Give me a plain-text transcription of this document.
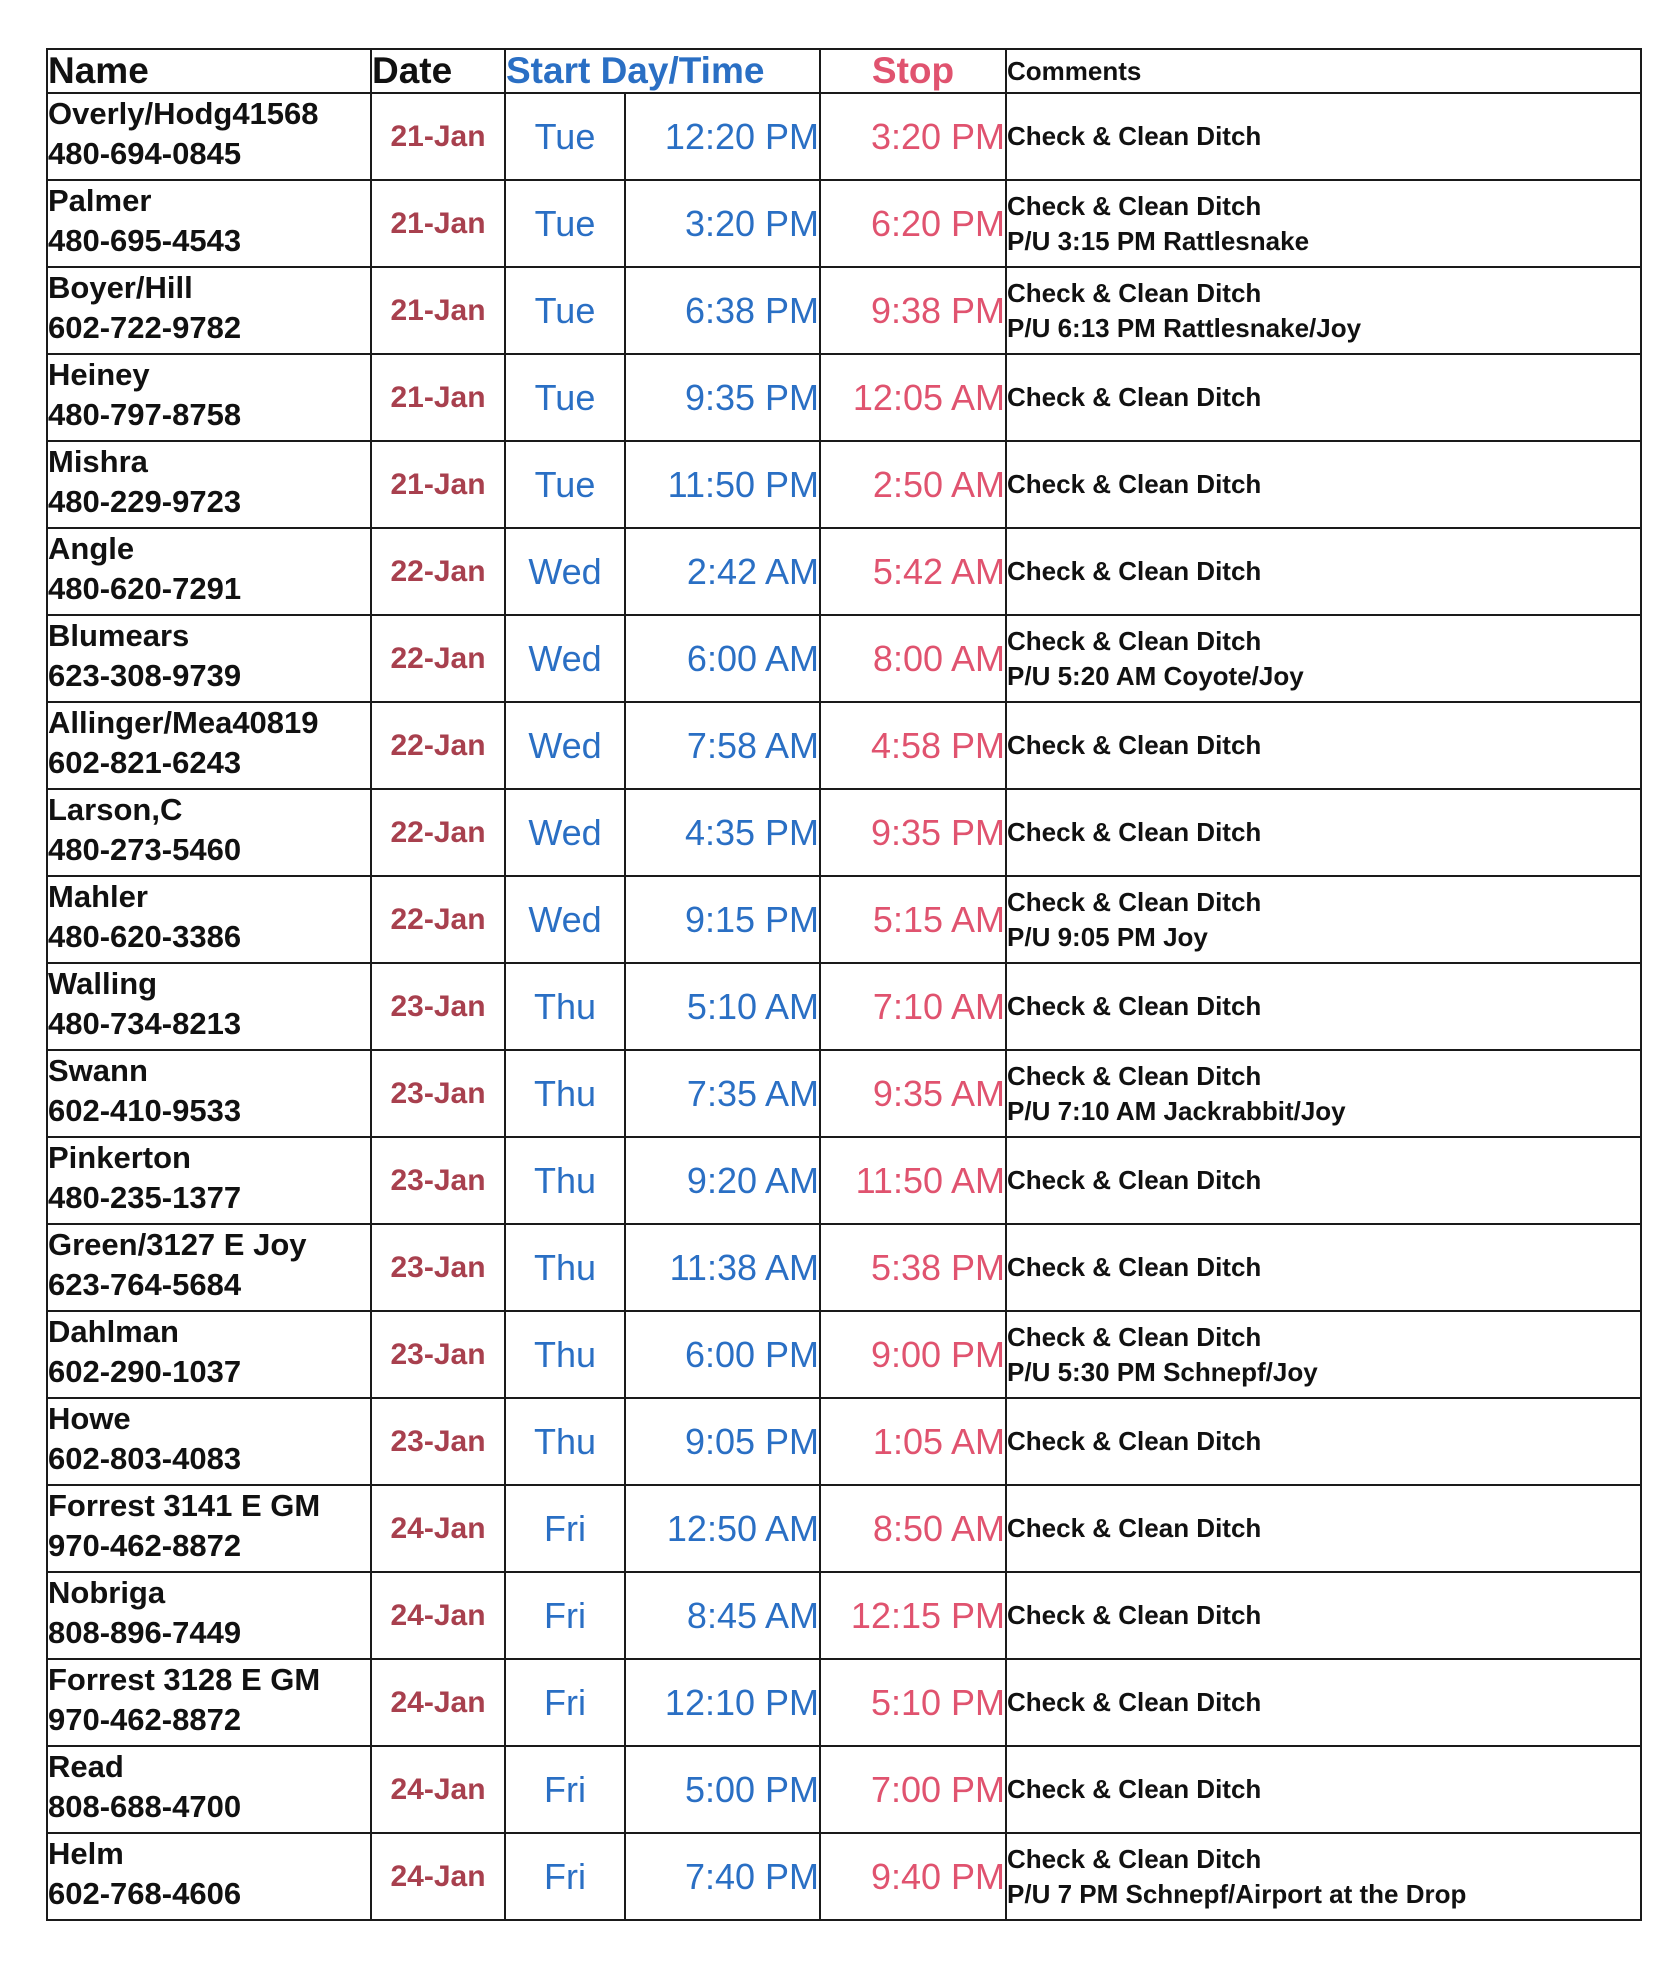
Name	Date	Start Day/Time		Stop	Comments

Overly/Hodg41568
480-694-0845	21-Jan	Tue	12:20 PM	3:20 PM	Check & Clean Ditch

Palmer
480-695-4543	21-Jan	Tue	3:20 PM	6:20 PM	Check & Clean Ditch
P/U 3:15 PM Rattlesnake

Boyer/Hill
602-722-9782	21-Jan	Tue	6:38 PM	9:38 PM	Check & Clean Ditch
P/U 6:13 PM Rattlesnake/Joy

Heiney
480-797-8758	21-Jan	Tue	9:35 PM	12:05 AM	Check & Clean Ditch

Mishra
480-229-9723	21-Jan	Tue	11:50 PM	2:50 AM	Check & Clean Ditch

Angle
480-620-7291	22-Jan	Wed	2:42 AM	5:42 AM	Check & Clean Ditch

Blumears
623-308-9739	22-Jan	Wed	6:00 AM	8:00 AM	Check & Clean Ditch
P/U 5:20 AM Coyote/Joy

Allinger/Mea40819
602-821-6243	22-Jan	Wed	7:58 AM	4:58 PM	Check & Clean Ditch

Larson,C
480-273-5460	22-Jan	Wed	4:35 PM	9:35 PM	Check & Clean Ditch

Mahler
480-620-3386	22-Jan	Wed	9:15 PM	5:15 AM	Check & Clean Ditch
P/U 9:05 PM Joy

Walling
480-734-8213	23-Jan	Thu	5:10 AM	7:10 AM	Check & Clean Ditch

Swann
602-410-9533	23-Jan	Thu	7:35 AM	9:35 AM	Check & Clean Ditch
P/U 7:10 AM Jackrabbit/Joy

Pinkerton
480-235-1377	23-Jan	Thu	9:20 AM	11:50 AM	Check & Clean Ditch

Green/3127 E Joy
623-764-5684	23-Jan	Thu	11:38 AM	5:38 PM	Check & Clean Ditch

Dahlman
602-290-1037	23-Jan	Thu	6:00 PM	9:00 PM	Check & Clean Ditch
P/U 5:30 PM Schnepf/Joy

Howe
602-803-4083	23-Jan	Thu	9:05 PM	1:05 AM	Check & Clean Ditch

Forrest 3141 E GM
970-462-8872	24-Jan	Fri	12:50 AM	8:50 AM	Check & Clean Ditch

Nobriga
808-896-7449	24-Jan	Fri	8:45 AM	12:15 PM	Check & Clean Ditch

Forrest 3128 E GM
970-462-8872	24-Jan	Fri	12:10 PM	5:10 PM	Check & Clean Ditch

Read
808-688-4700	24-Jan	Fri	5:00 PM	7:00 PM	Check & Clean Ditch

Helm
602-768-4606	24-Jan	Fri	7:40 PM	9:40 PM	Check & Clean Ditch
P/U 7 PM Schnepf/Airport at the Drop
